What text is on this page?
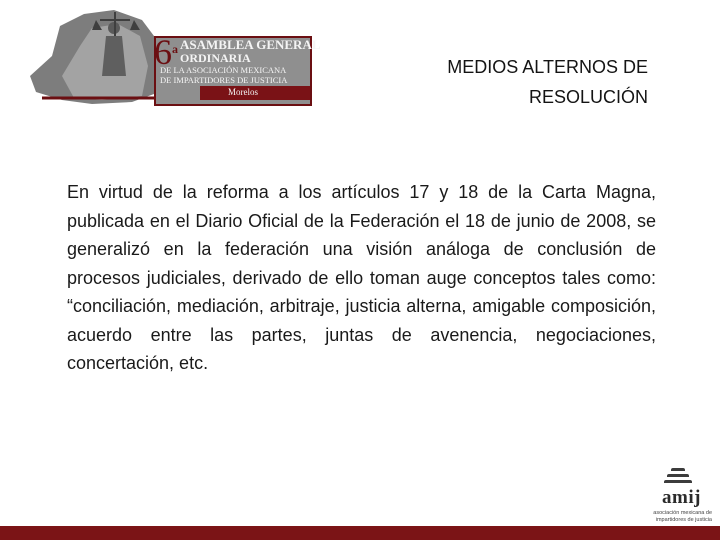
6 a ASAMBLEA GENERAL
ORDINARIA
DE LA ASOCIACIÓN MEXICANA
DE IMPARTIDORES DE JUSTICIA
Morelos
MEDIOS ALTERNOS DE
RESOLUCIÓN
En virtud de la reforma a los artículos 17 y 18 de la Carta Magna, publicada en el Diario Oficial de la Federación el 18 de junio de 2008, se generalizó en la federación una visión análoga de conclusión de procesos judiciales, derivado de ello toman auge conceptos tales como: “conciliación, mediación, arbitraje, justicia alterna, amigable composición, acuerdo entre las partes, juntas de avenencia, negociaciones, concertación, etc.
amij
asociación mexicana de
impartidores de justicia
